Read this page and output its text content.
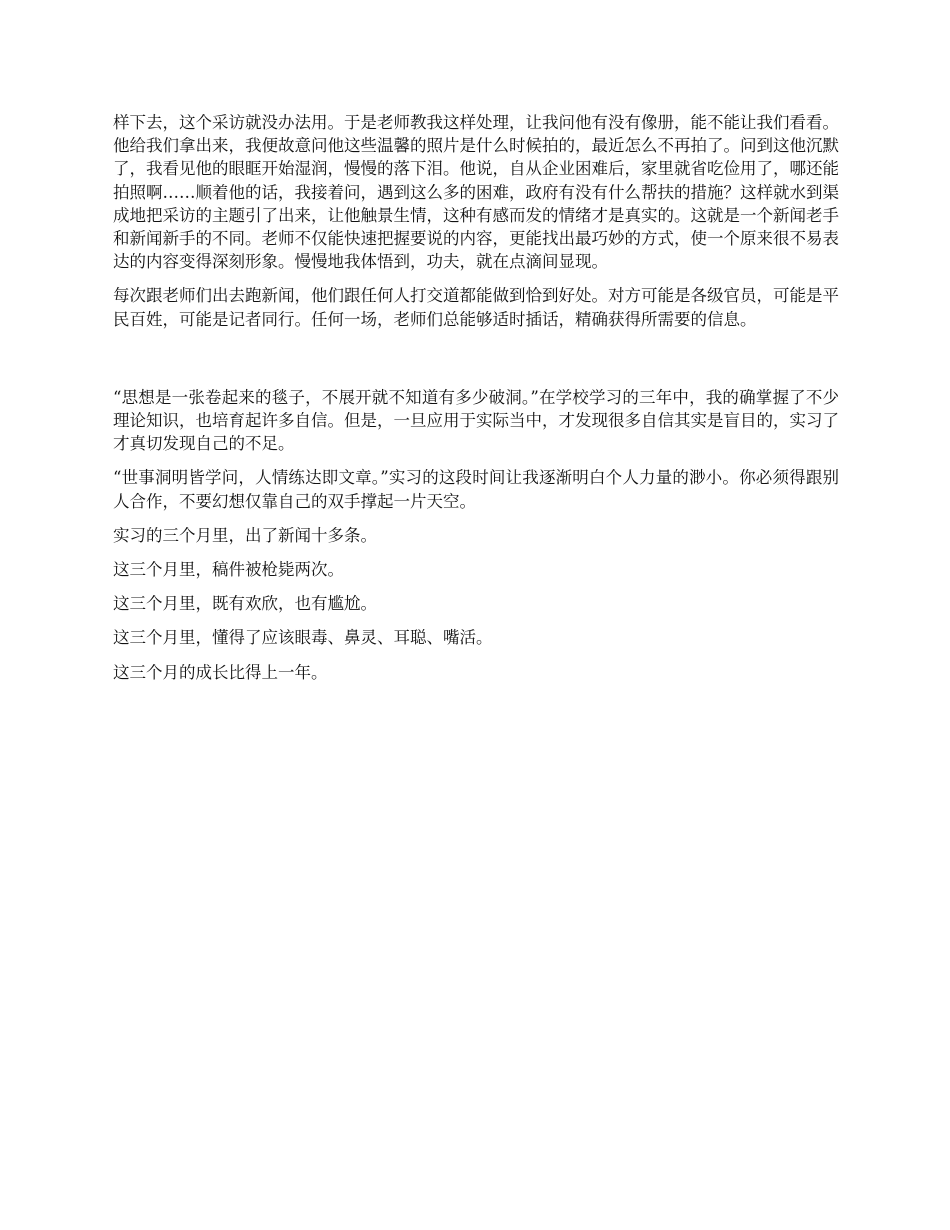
样下去，这个采访就没办法用。于是老师教我这样处理，让我问他有没有像册，能不能让我们看看。他给我们拿出来，我便故意问他这些温馨的照片是什么时候拍的，最近怎么不再拍了。问到这他沉默了，我看见他的眼眶开始湿润，慢慢的落下泪。他说，自从企业困难后，家里就省吃俭用了，哪还能拍照啊……顺着他的话，我接着问，遇到这么多的困难，政府有没有什么帮扶的措施？这样就水到渠成地把采访的主题引了出来，让他触景生情，这种有感而发的情绪才是真实的。这就是一个新闻老手和新闻新手的不同。老师不仅能快速把握要说的内容，更能找出最巧妙的方式，使一个原来很不易表达的内容变得深刻形象。慢慢地我体悟到，功夫，就在点滴间显现。

每次跟老师们出去跑新闻，他们跟任何人打交道都能做到恰到好处。对方可能是各级官员，可能是平民百姓，可能是记者同行。任何一场，老师们总能够适时插话，精确获得所需要的信息。

“思想是一张卷起来的毯子，不展开就不知道有多少破洞。”在学校学习的三年中，我的确掌握了不少理论知识，也培育起许多自信。但是，一旦应用于实际当中，才发现很多自信其实是盲目的，实习了才真切发现自己的不足。

“世事洞明皆学问，人情练达即文章。”实习的这段时间让我逐渐明白个人力量的渺小。你必须得跟别人合作，不要幻想仅靠自己的双手撑起一片天空。

实习的三个月里，出了新闻十多条。

这三个月里，稿件被枪毙两次。

这三个月里，既有欢欣，也有尴尬。

这三个月里，懂得了应该眼毒、鼻灵、耳聪、嘴活。

这三个月的成长比得上一年。
